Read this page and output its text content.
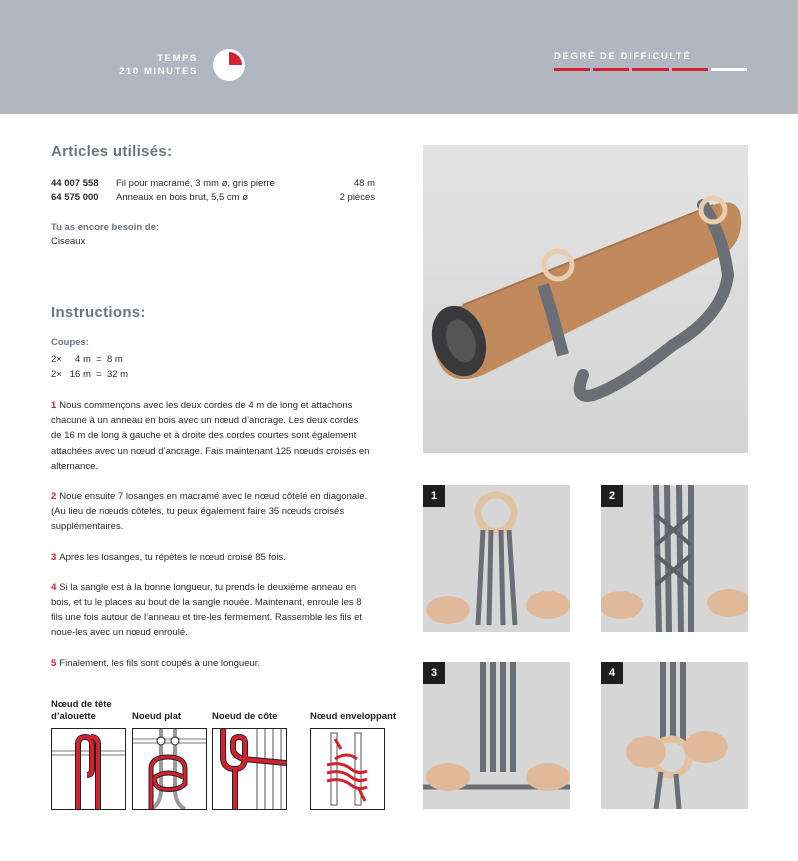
TEMPS
210 MINUTES
DEGRÉ DE DIFFICULTÉ
Articles utilisés:
44 007 558	Fil pour macramé, 3 mm ø, gris pierre	48 m
64 575 000	Anneaux en bois brut, 5,5 cm ø	2 pièces
Tu as encore besoin de:
Ciseaux
Instructions:
Coupes:
2×     4 m  =  8 m
2×   16 m  =  32 m

1 Nous commençons avec les deux cordes de 4 m de long et attachons chacune à un anneau en bois avec un nœud d’ancrage. Les deux cordes de 16 m de long à gauche et à droite des cordes courtes sont également attachées avec un nœud d’ancrage. Fais maintenant 125 nœuds croisés en alternance.

2 Noue ensuite 7 losanges en macramé avec le nœud côtelé en diagonale. (Au lieu de nœuds côtelés, tu peux également faire 35 nœuds croisés supplémentaires.

3 Après les losanges, tu répètes le nœud croisé 85 fois.

4 Si la sangle est à la bonne longueur, tu prends le deuxième anneau en bois, et tu le places au bout de la sangle nouée. Maintenant, enroule les 8 fils une fois autour de l’anneau et tire-les fermement. Rassemble les fils et noue-les avec un nœud enroulé.

5 Finalement, les fils sont coupés à une longueur.

Nœud de tête d’alouette	Noeud plat	Noeud de côte	Nœud enveloppant
1	2
3	4
